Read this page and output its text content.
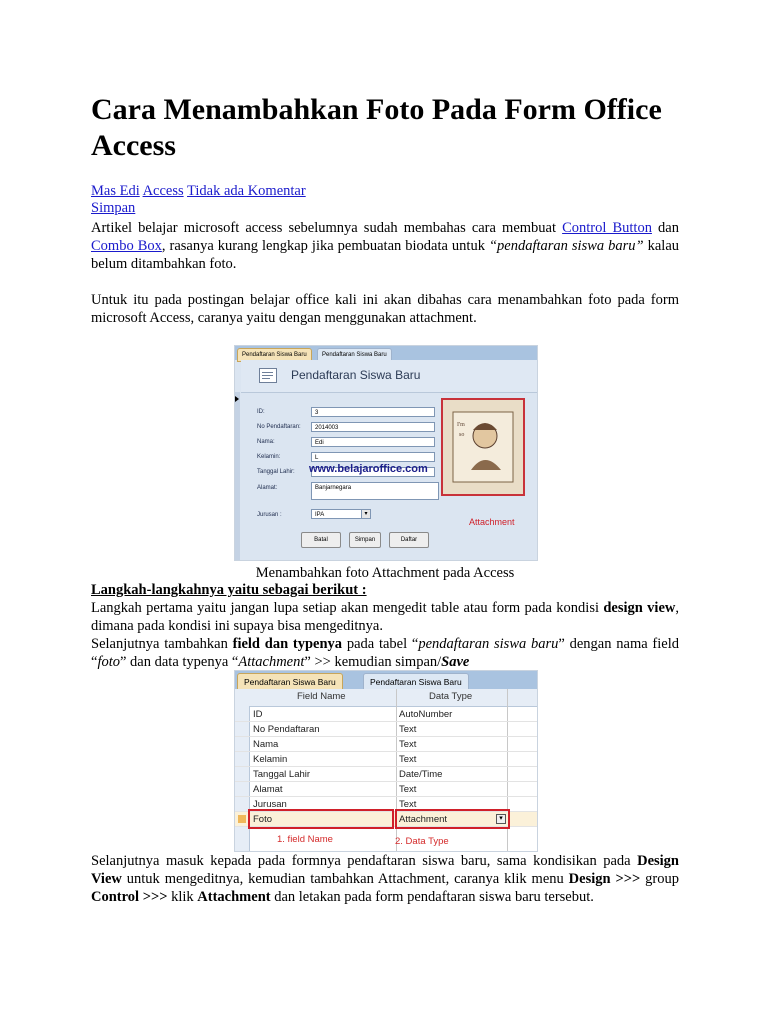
Cara Menambahkan Foto Pada Form Office Access
Mas Edi Access Tidak ada Komentar
Simpan
Artikel belajar microsoft access sebelumnya sudah membahas cara membuat Control Button dan Combo Box, rasanya kurang lengkap jika pembuatan biodata untuk “pendaftaran siswa baru” kalau belum ditambahkan foto.
Untuk itu pada postingan belajar office kali ini akan dibahas cara menambahkan foto pada form microsoft Access, caranya yaitu dengan menggunakan attachment.
Pendaftaran Siswa Baru	Pendaftaran Siswa Baru
Pendaftaran Siswa Baru
ID:	3
No Pendaftaran:	2014003
Nama:	Edi
Kelamin:	L
Tanggal Lahir: www.belajaroffice.com
Alamat:	Banjarnegara
Jurusan :	IPA	▾
I'm
so
Attachment
Batal	Simpan	Daftar
Menambahkan foto Attachment pada Access
Langkah-langkahnya yaitu sebagai berikut :
Langkah pertama yaitu jangan lupa setiap akan mengedit table atau form pada kondisi design view, dimana pada kondisi ini supaya bisa mengeditnya.
Selanjutnya tambahkan field dan typenya pada tabel “pendaftaran siswa baru” dengan nama field “foto” dan data typenya “Attachment” >> kemudian simpan/Save
Pendaftaran Siswa Baru	Pendaftaran Siswa Baru
Field Name	Data Type
ID	AutoNumber
No Pendaftaran	Text
Nama	Text
Kelamin	Text
Tanggal Lahir	Date/Time
Alamat	Text
Jurusan	Text
Foto	Attachment	▾
1. field Name	2. Data Type
Selanjutnya masuk kepada pada formnya pendaftaran siswa baru, sama kondisikan pada Design View untuk mengeditnya, kemudian tambahkan Attachment, caranya klik menu Design >>> group Control >>> klik Attachment dan letakan pada form pendaftaran siswa baru tersebut.
